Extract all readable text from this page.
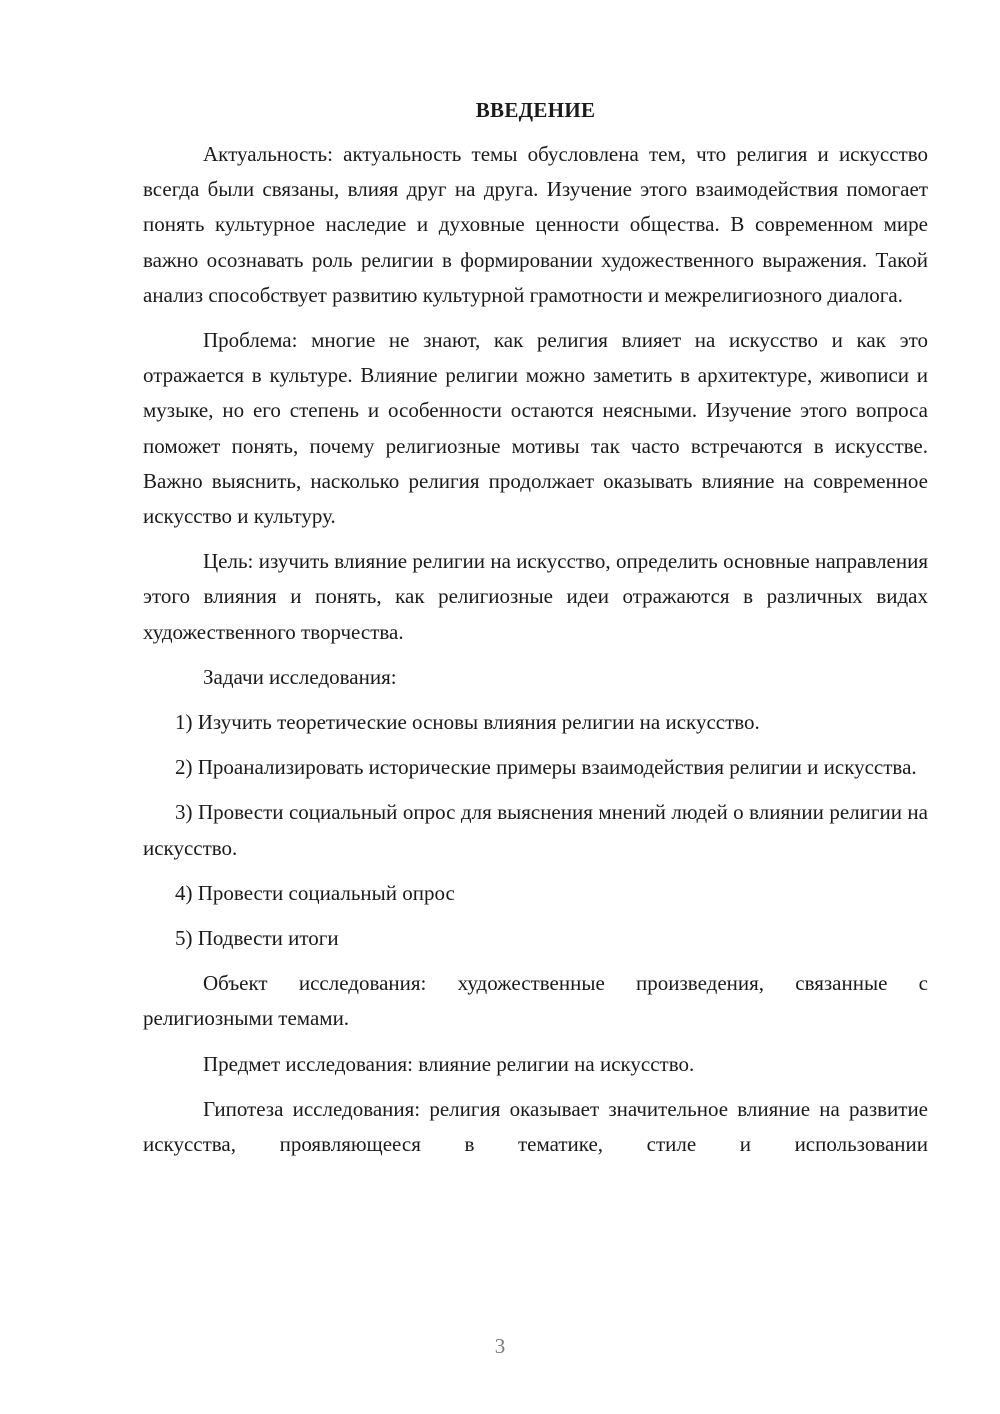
ВВЕДЕНИЕ

Актуальность: актуальность темы обусловлена тем, что религия и искусство всегда были связаны, влияя друг на друга. Изучение этого взаимодействия помогает понять культурное наследие и духовные ценности общества. В современном мире важно осознавать роль религии в формировании художественного выражения. Такой анализ способствует развитию культурной грамотности и межрелигиозного диалога.

Проблема: многие не знают, как религия влияет на искусство и как это отражается в культуре. Влияние религии можно заметить в архитектуре, живописи и музыке, но его степень и особенности остаются неясными. Изучение этого вопроса поможет понять, почему религиозные мотивы так часто встречаются в искусстве. Важно выяснить, насколько религия продолжает оказывать влияние на современное искусство и культуру.

Цель: изучить влияние религии на искусство, определить основные направления этого влияния и понять, как религиозные идеи отражаются в различных видах художественного творчества.

Задачи исследования:

1) Изучить теоретические основы влияния религии на искусство.

2) Проанализировать исторические примеры взаимодействия религии и искусства.

3) Провести социальный опрос для выяснения мнений людей о влиянии религии на искусство.

4) Провести социальный опрос

5) Подвести итоги

Объект исследования: художественные произведения, связанные с религиозными темами.

Предмет исследования: влияние религии на искусство.

Гипотеза исследования: религия оказывает значительное влияние на развитие искусства, проявляющееся в тематике, стиле и использовании

3
